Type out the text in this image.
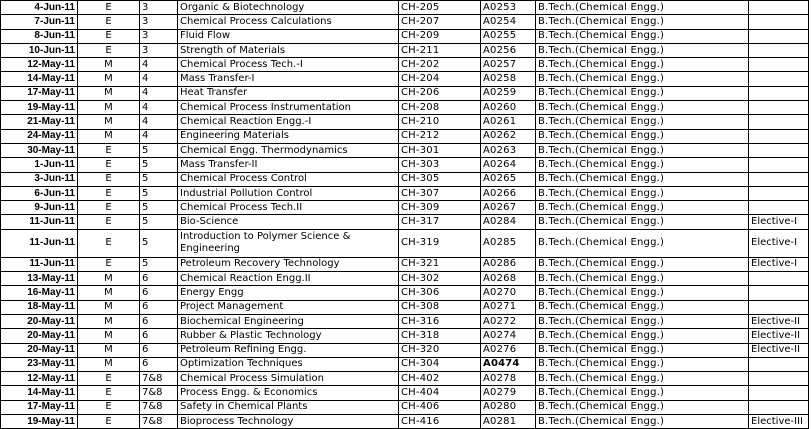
4-Jun-11	E	3	Organic & Biotechnology	CH-205	A0253	B.Tech.(Chemical Engg.)	
7-Jun-11	E	3	Chemical Process Calculations	CH-207	A0254	B.Tech.(Chemical Engg.)	
8-Jun-11	E	3	Fluid Flow	CH-209	A0255	B.Tech.(Chemical Engg.)	
10-Jun-11	E	3	Strength of Materials	CH-211	A0256	B.Tech.(Chemical Engg.)	
12-May-11	M	4	Chemical Process Tech.-I	CH-202	A0257	B.Tech.(Chemical Engg.)	
14-May-11	M	4	Mass Transfer-I	CH-204	A0258	B.Tech.(Chemical Engg.)	
17-May-11	M	4	Heat Transfer	CH-206	A0259	B.Tech.(Chemical Engg.)	
19-May-11	M	4	Chemical Process Instrumentation	CH-208	A0260	B.Tech.(Chemical Engg.)	
21-May-11	M	4	Chemical Reaction Engg.-I	CH-210	A0261	B.Tech.(Chemical Engg.)	
24-May-11	M	4	Engineering Materials	CH-212	A0262	B.Tech.(Chemical Engg.)	
30-May-11	E	5	Chemical Engg. Thermodynamics	CH-301	A0263	B.Tech.(Chemical Engg.)	
1-Jun-11	E	5	Mass Transfer-II	CH-303	A0264	B.Tech.(Chemical Engg.)	
3-Jun-11	E	5	Chemical Process Control	CH-305	A0265	B.Tech.(Chemical Engg.)	
6-Jun-11	E	5	Industrial Pollution Control	CH-307	A0266	B.Tech.(Chemical Engg.)	
9-Jun-11	E	5	Chemical Process Tech.II	CH-309	A0267	B.Tech.(Chemical Engg.)	
11-Jun-11	E	5	Bio-Science	CH-317	A0284	B.Tech.(Chemical Engg.)	Elective-I
11-Jun-11	E	5	Introduction to Polymer Science & Engineering	CH-319	A0285	B.Tech.(Chemical Engg.)	Elective-I
11-Jun-11	E	5	Petroleum Recovery Technology	CH-321	A0286	B.Tech.(Chemical Engg.)	Elective-I
13-May-11	M	6	Chemical Reaction Engg.II	CH-302	A0268	B.Tech.(Chemical Engg.)	
16-May-11	M	6	Energy Engg	CH-306	A0270	B.Tech.(Chemical Engg.)	
18-May-11	M	6	Project Management	CH-308	A0271	B.Tech.(Chemical Engg.)	
20-May-11	M	6	Biochemical Engineering	CH-316	A0272	B.Tech.(Chemical Engg.)	Elective-II
20-May-11	M	6	Rubber & Plastic Technology	CH-318	A0274	B.Tech.(Chemical Engg.)	Elective-II
20-May-11	M	6	Petroleum Refining Engg.	CH-320	A0276	B.Tech.(Chemical Engg.)	Elective-II
23-May-11	M	6	Optimization Techniques	CH-304	A0474	B.Tech.(Chemical Engg.)	
12-May-11	E	7&8	Chemical Process Simulation	CH-402	A0278	B.Tech.(Chemical Engg.)	
14-May-11	E	7&8	Process Engg. & Economics	CH-404	A0279	B.Tech.(Chemical Engg.)	
17-May-11	E	7&8	Safety in Chemical Plants	CH-406	A0280	B.Tech.(Chemical Engg.)	
19-May-11	E	7&8	Bioprocess Technology	CH-416	A0281	B.Tech.(Chemical Engg.)	Elective-III
